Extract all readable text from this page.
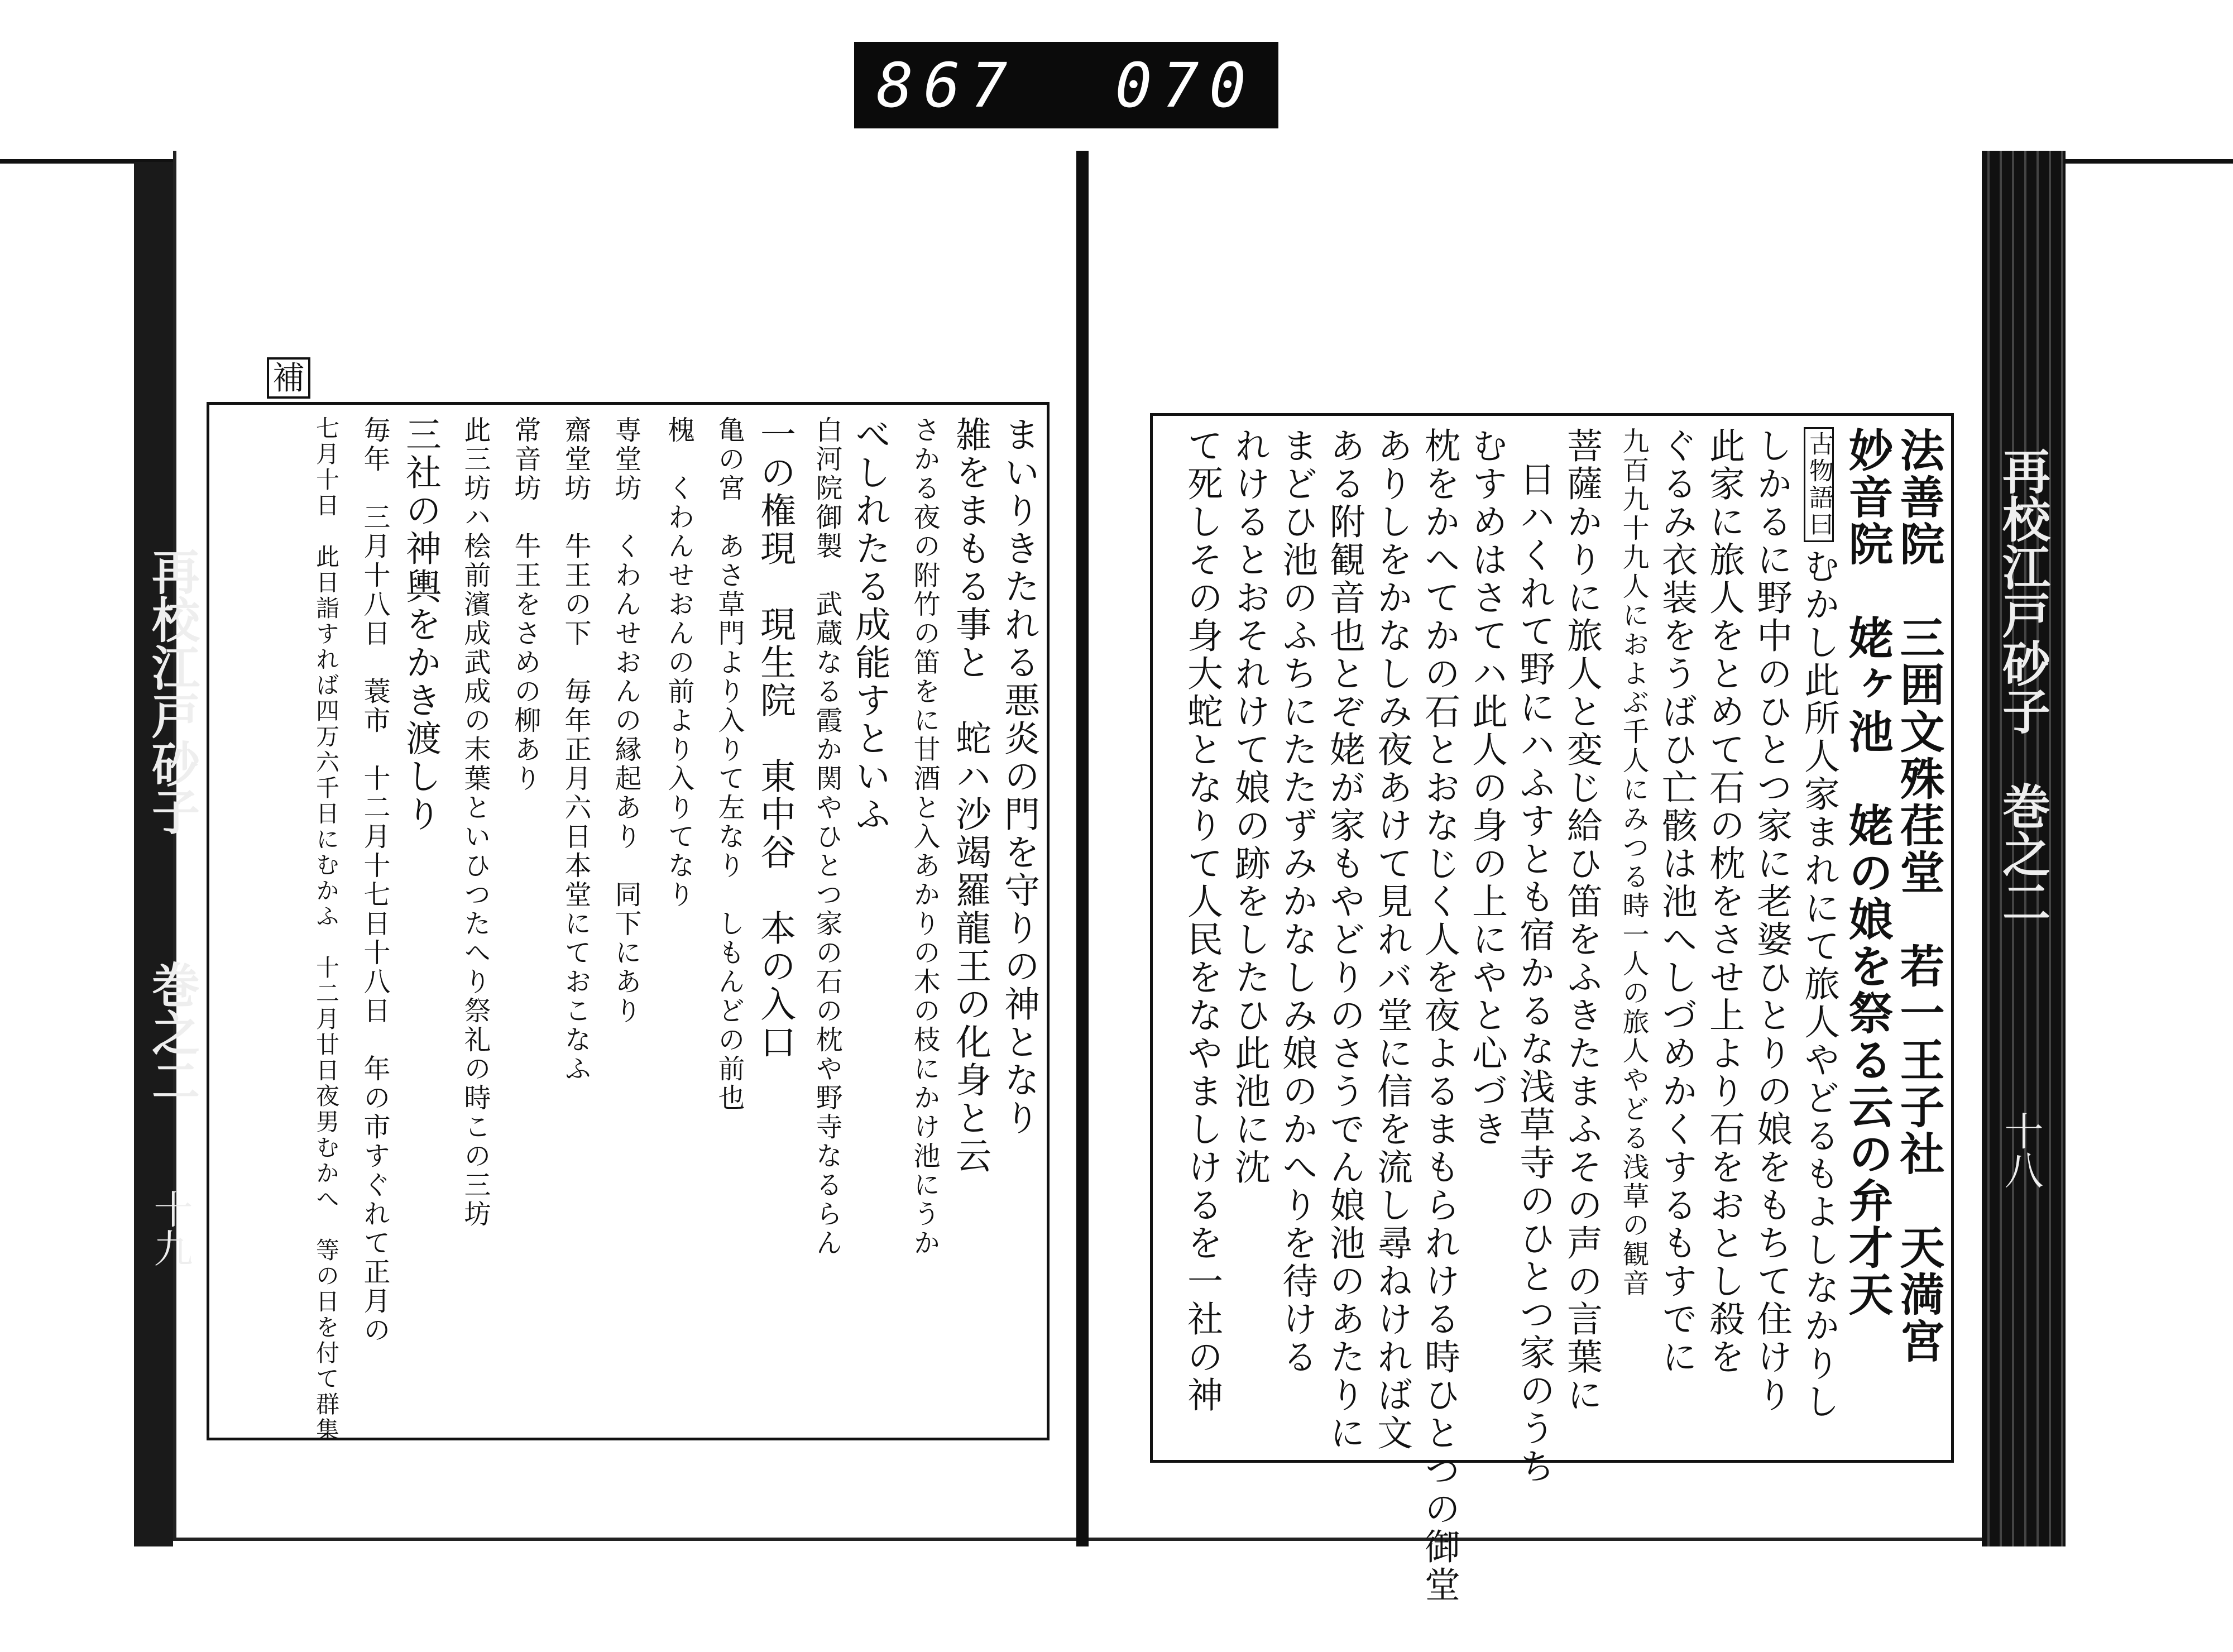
867 070
再校江戸砂子
巻之二
十八
再校江戸砂子
巻之二
十九
補
法善院　三囲文殊荏堂　若一王子社　天満宮
妙音院　姥ヶ池　姥の娘を祭る云の弁才天
古物語曰むかし此所人家まれにて旅人やどるもよしなかりし
しかるに野中のひとつ家に老婆ひとりの娘をもちて住けり
此家に旅人をとめて石の枕をさせ上より石をおとし殺を
ぐるみ衣装をうばひ亡骸は池へしづめかくするもすでに
九百九十九人におよぶ千人にみつる時一人の旅人やどる浅草の観音
菩薩かりに旅人と変じ給ひ笛をふきたまふその声の言葉に
日ハくれて野にハふすとも宿かるな浅草寺のひとつ家のうち
むすめはさてハ此人の身の上にやと心づき
枕をかへてかの石とおなじく人を夜よるまもられける時ひとつの御堂
ありしをかなしみ夜あけて見れバ堂に信を流し尋ねければ文
ある附観音也とぞ姥が家もやどりのさうでん娘池のあたりに
まどひ池のふちにたたずみかなしみ娘のかへりを待ける
れけるとおそれけて娘の跡をしたひ此池に沈
て死しその身大蛇となりて人民をなやましけるを一社の神
まいりきたれる悪炎の門を守りの神となり
雑をまもる事と　蛇ハ沙竭羅龍王の化身と云
さかる夜の附竹の笛をに甘酒と入あかりの木の枝にかけ池にうか
べしれたる成能すといふ
白河院御製　武蔵なる霞か関やひとつ家の石の枕や野寺なるらん
一の権現　現生院　東中谷　本の入口
亀の宮　あさ草門より入りて左なり　しもんどの前也
槐　くわんせおんの前より入りてなり
専堂坊　くわんせおんの縁起あり　同下にあり
齋堂坊　牛王の下　毎年正月六日本堂にておこなふ
常音坊　牛王をさめの柳あり
此三坊ハ桧前濱成武成の末葉といひつたへり祭礼の時この三坊
三社の神輿をかき渡しり
毎年　三月十八日　蓑市　十二月十七日十八日　年の市すぐれて正月の
七月十日　此日詣すれば四万六千日にむかふ　十二月廿日夜男むかへ　等の日を付て群集
